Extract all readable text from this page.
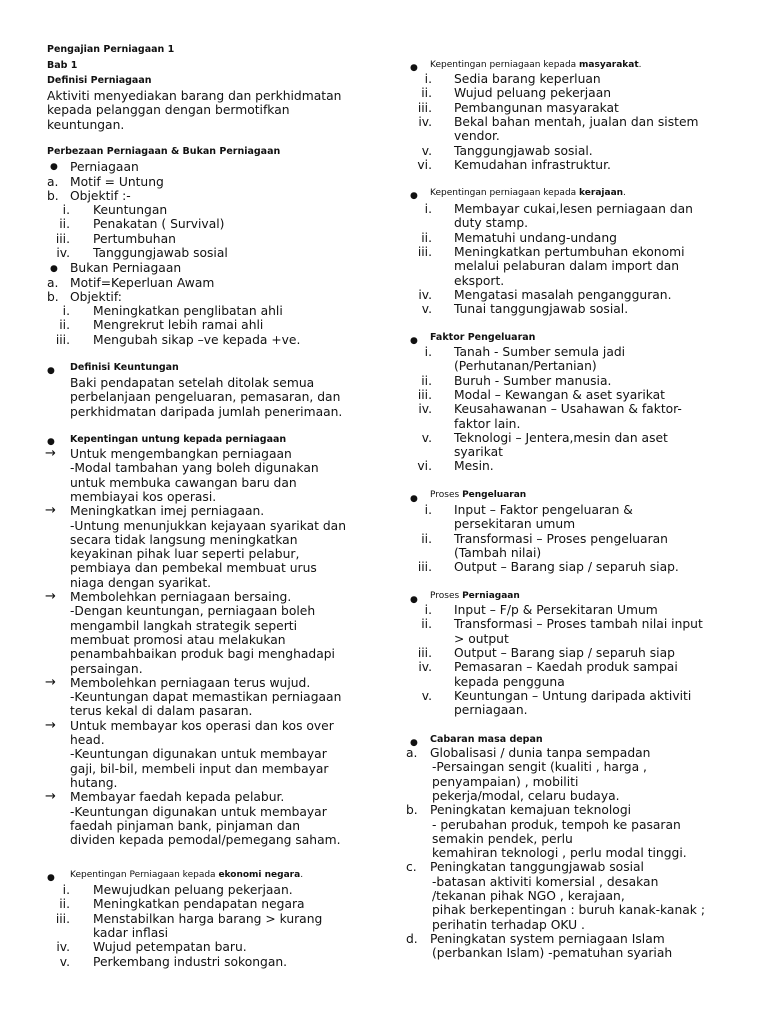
Pengajian Perniagaan 1
Bab 1
Definisi Perniagaan
Aktiviti menyediakan barang dan perkhidmatan
kepada pelanggan dengan bermotifkan
keuntungan.
Perbezaan Perniagaan & Bukan Perniagaan
● Perniagaan
a. Motif = Untung
b. Objektif :-
i. Keuntungan
ii. Penakatan ( Survival)
iii. Pertumbuhan
iv. Tanggungjawab sosial
● Bukan Perniagaan
a. Motif=Keperluan Awam
b. Objektif:
i. Meningkatkan penglibatan ahli
ii. Mengrekrut lebih ramai ahli
iii. Mengubah sikap –ve kepada +ve.
● Definisi Keuntungan
Baki pendapatan setelah ditolak semua
perbelanjaan pengeluaran, pemasaran, dan
perkhidmatan daripada jumlah penerimaan.
● Kepentingan untung kepada perniagaan
→ Untuk mengembangkan perniagaan
-Modal tambahan yang boleh digunakan
untuk membuka cawangan baru dan
membiayai kos operasi.
→ Meningkatkan imej perniagaan.
-Untung menunjukkan kejayaan syarikat dan
secara tidak langsung meningkatkan
keyakinan pihak luar seperti pelabur,
pembiaya dan pembekal membuat urus
niaga dengan syarikat.
→ Membolehkan perniagaan bersaing.
-Dengan keuntungan, perniagaan boleh
mengambil langkah strategik seperti
membuat promosi atau melakukan
penambahbaikan produk bagi menghadapi
persaingan.
→ Membolehkan perniagaan terus wujud.
-Keuntungan dapat memastikan perniagaan
terus kekal di dalam pasaran.
→ Untuk membayar kos operasi dan kos over
head.
-Keuntungan digunakan untuk membayar
gaji, bil-bil, membeli input dan membayar
hutang.
→ Membayar faedah kepada pelabur.
-Keuntungan digunakan untuk membayar
faedah pinjaman bank, pinjaman dan
dividen kepada pemodal/pemegang saham.
● Kepentingan Perniagaan kepada ekonomi negara.
i. Mewujudkan peluang pekerjaan.
ii. Meningkatkan pendapatan negara
iii. Menstabilkan harga barang > kurang
kadar inflasi
iv. Wujud petempatan baru.
v. Perkembang industri sokongan.
● Kepentingan perniagaan kepada masyarakat.
i. Sedia barang keperluan
ii. Wujud peluang pekerjaan
iii. Pembangunan masyarakat
iv. Bekal bahan mentah, jualan dan sistem
vendor.
v. Tanggungjawab sosial.
vi. Kemudahan infrastruktur.
● Kepentingan perniagaan kepada kerajaan.
i. Membayar cukai,lesen perniagaan dan
duty stamp.
ii. Mematuhi undang-undang
iii. Meningkatkan pertumbuhan ekonomi
melalui pelaburan dalam import dan
eksport.
iv. Mengatasi masalah pengangguran.
v. Tunai tanggungjawab sosial.
● Faktor Pengeluaran
i. Tanah - Sumber semula jadi
(Perhutanan/Pertanian)
ii. Buruh - Sumber manusia.
iii. Modal – Kewangan & aset syarikat
iv. Keusahawanan – Usahawan & faktor-
faktor lain.
v. Teknologi – Jentera,mesin dan aset
syarikat
vi. Mesin.
● Proses Pengeluaran
i. Input – Faktor pengeluaran &
persekitaran umum
ii. Transformasi – Proses pengeluaran
(Tambah nilai)
iii. Output – Barang siap / separuh siap.
● Proses Perniagaan
i. Input – F/p & Persekitaran Umum
ii. Transformasi – Proses tambah nilai input
> output
iii. Output – Barang siap / separuh siap
iv. Pemasaran – Kaedah produk sampai
kepada pengguna
v. Keuntungan – Untung daripada aktiviti
perniagaan.
● Cabaran masa depan
a. Globalisasi / dunia tanpa sempadan
-Persaingan sengit (kualiti , harga ,
penyampaian) , mobiliti
pekerja/modal, celaru budaya.
b. Peningkatan kemajuan teknologi
- perubahan produk, tempoh ke pasaran
semakin pendek, perlu
kemahiran teknologi , perlu modal tinggi.
c. Peningkatan tanggungjawab sosial
-batasan aktiviti komersial , desakan
/tekanan pihak NGO , kerajaan,
pihak berkepentingan : buruh kanak-kanak ;
perihatin terhadap OKU .
d. Peningkatan system perniagaan Islam
(perbankan Islam) -pematuhan syariah
